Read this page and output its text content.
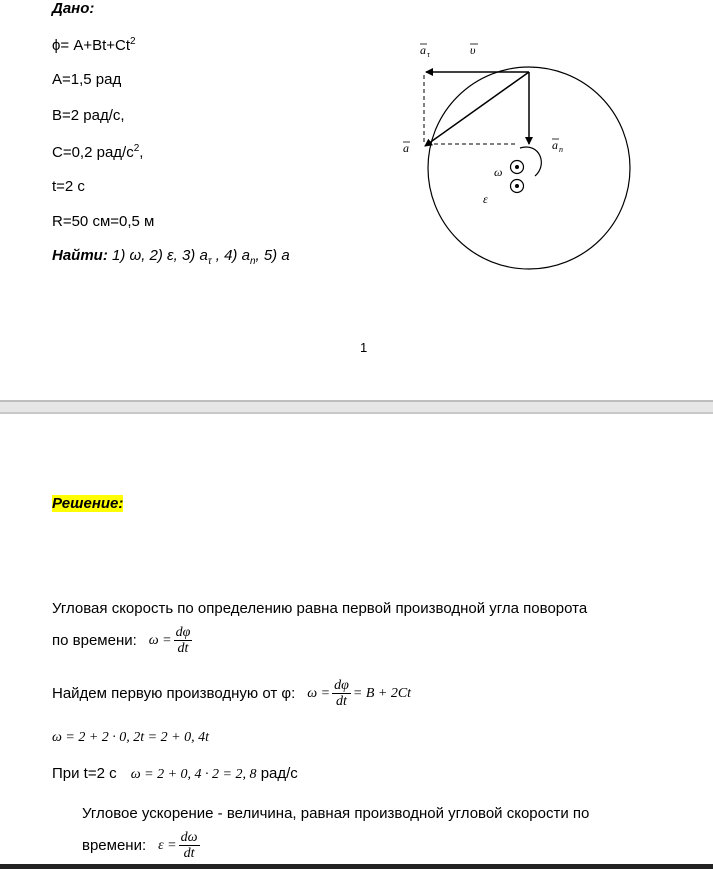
Дано:
$\phi= A+Bt+Ct^2$
A=1,5 рад
B=2 рад/с,
C=0,2 рад/$с^2$,
t=2 с
R=50 см=0,5 м
Найти: 1) ω, 2) ε, 3) $a_\tau$ , 4) $a_n$, 5) a
a τ	υ
a	a n
ω
ε
1
Решение:
Угловая скорость по определению равна первой производной угла поворота
по времени: $\omega = \frac{d\varphi}{dt}$
Найдем первую производную от φ: $\omega = \frac{d\varphi}{dt} = B + 2Ct$
ω = 2 + 2 · 0, 2t = 2 + 0, 4t
При t=2 с ω = 2 + 0, 4 · 2 = 2, 8 рад/с
Угловое ускорение - величина, равная производной угловой скорости по
времени: $\varepsilon = \frac{d\omega}{dt}$
